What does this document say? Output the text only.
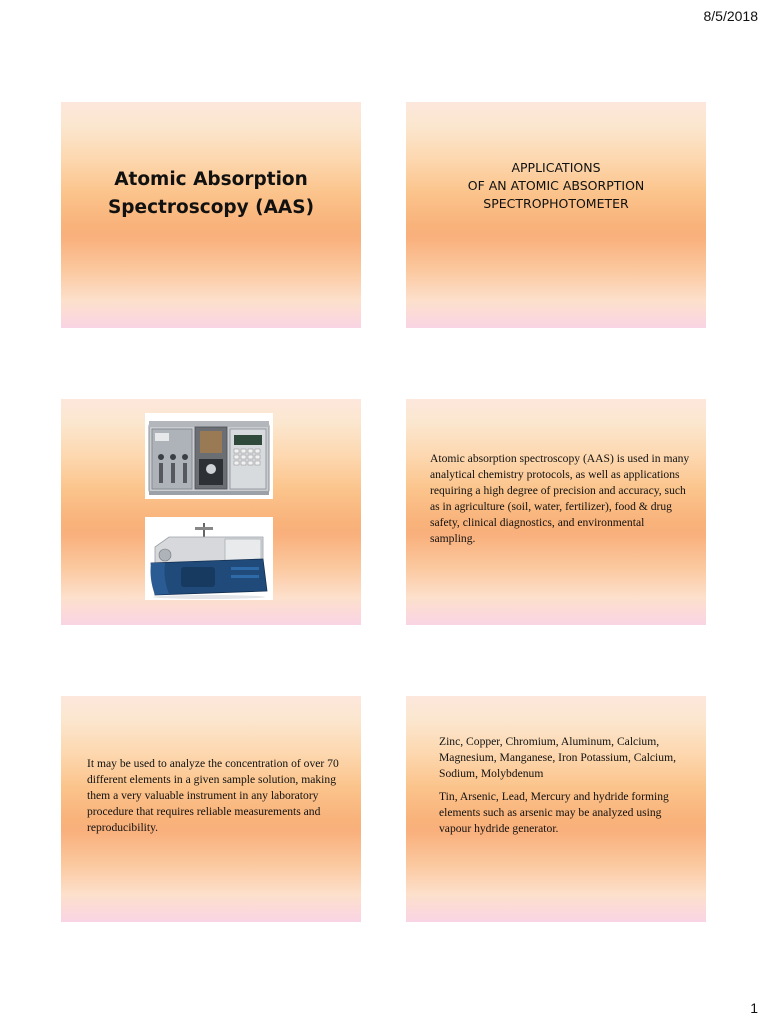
8/5/2018
Atomic Absorption
Spectroscopy (AAS)
APPLICATIONS
OF AN ATOMIC ABSORPTION
SPECTROPHOTOMETER
Atomic absorption spectroscopy (AAS) is used in many analytical chemistry protocols, as well as applications requiring a high degree of precision and accuracy, such as in agriculture (soil, water, fertilizer), food & drug safety, clinical diagnostics, and environmental sampling.
It may be used to analyze the concentration of over 70 different elements in a given sample solution, making them a very valuable instrument in any laboratory procedure that requires reliable measurements and reproducibility.
Zinc, Copper, Chromium, Aluminum, Calcium, Magnesium, Manganese, Iron Potassium, Calcium, Sodium, Molybdenum
Tin, Arsenic, Lead, Mercury and hydride forming elements such as arsenic may be analyzed using vapour hydride generator.
1
